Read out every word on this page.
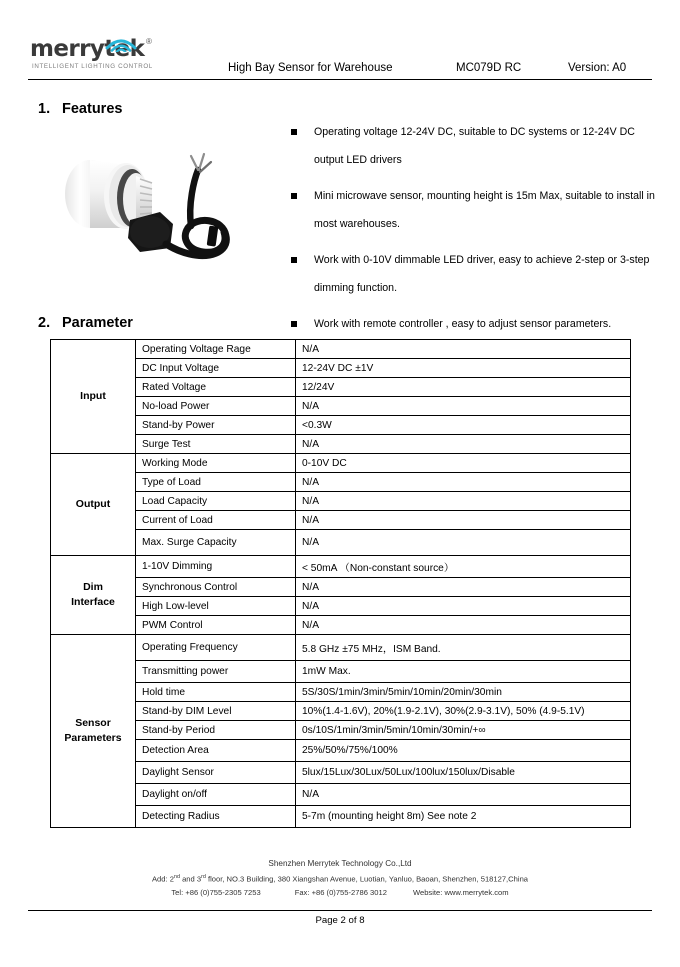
merrytek ®
INTELLIGENT LIGHTING CONTROL	High Bay Sensor for Warehouse	MC079D RC	Version: A0
1. Features
Operating voltage 12-24V DC, suitable to DC systems or 12-24V DC output LED drivers
Mini microwave sensor, mounting height is 15m Max, suitable to install in most warehouses.
Work with 0-10V dimmable LED driver, easy to achieve 2-step or 3-step dimming function.
Work with remote controller , easy to adjust sensor parameters.
2. Parameter
Input	Operating Voltage Rage	N/A
	DC Input Voltage	12-24V DC ±1V
	Rated Voltage	12/24V
	No-load Power	N/A
	Stand-by Power	<0.3W
	Surge Test	N/A
Output	Working Mode	0-10V DC
	Type of Load	N/A
	Load Capacity	N/A
	Current of Load	N/A
	Max. Surge Capacity	N/A
Dim
Interface	1-10V Dimming	< 50mA （Non-constant source）
	Synchronous Control	N/A
	High Low-level	N/A
	PWM Control	N/A
Sensor
Parameters	Operating Frequency	5.8 GHz ±75 MHz，ISM Band.
	Transmitting power	1mW Max.
	Hold time	5S/30S/1min/3min/5min/10min/20min/30min
	Stand-by DIM Level	10%(1.4-1.6V), 20%(1.9-2.1V), 30%(2.9-3.1V), 50% (4.9-5.1V)
	Stand-by Period	0s/10S/1min/3min/5min/10min/30min/+∞
	Detection Area	25%/50%/75%/100%
	Daylight Sensor	5lux/15Lux/30Lux/50Lux/100lux/150lux/Disable
	Daylight on/off	N/A
	Detecting Radius	5-7m (mounting height 8m) See note 2
Shenzhen Merrytek Technology Co.,Ltd
Add: 2nd and 3rd floor, NO.3 Building, 380 Xiangshan Avenue, Luotian, Yanluo, Baoan, Shenzhen, 518127,China
Tel: +86 (0)755-2305 7253	Fax: +86 (0)755-2786 3012	Website: www.merrytek.com
Page 2 of 8
